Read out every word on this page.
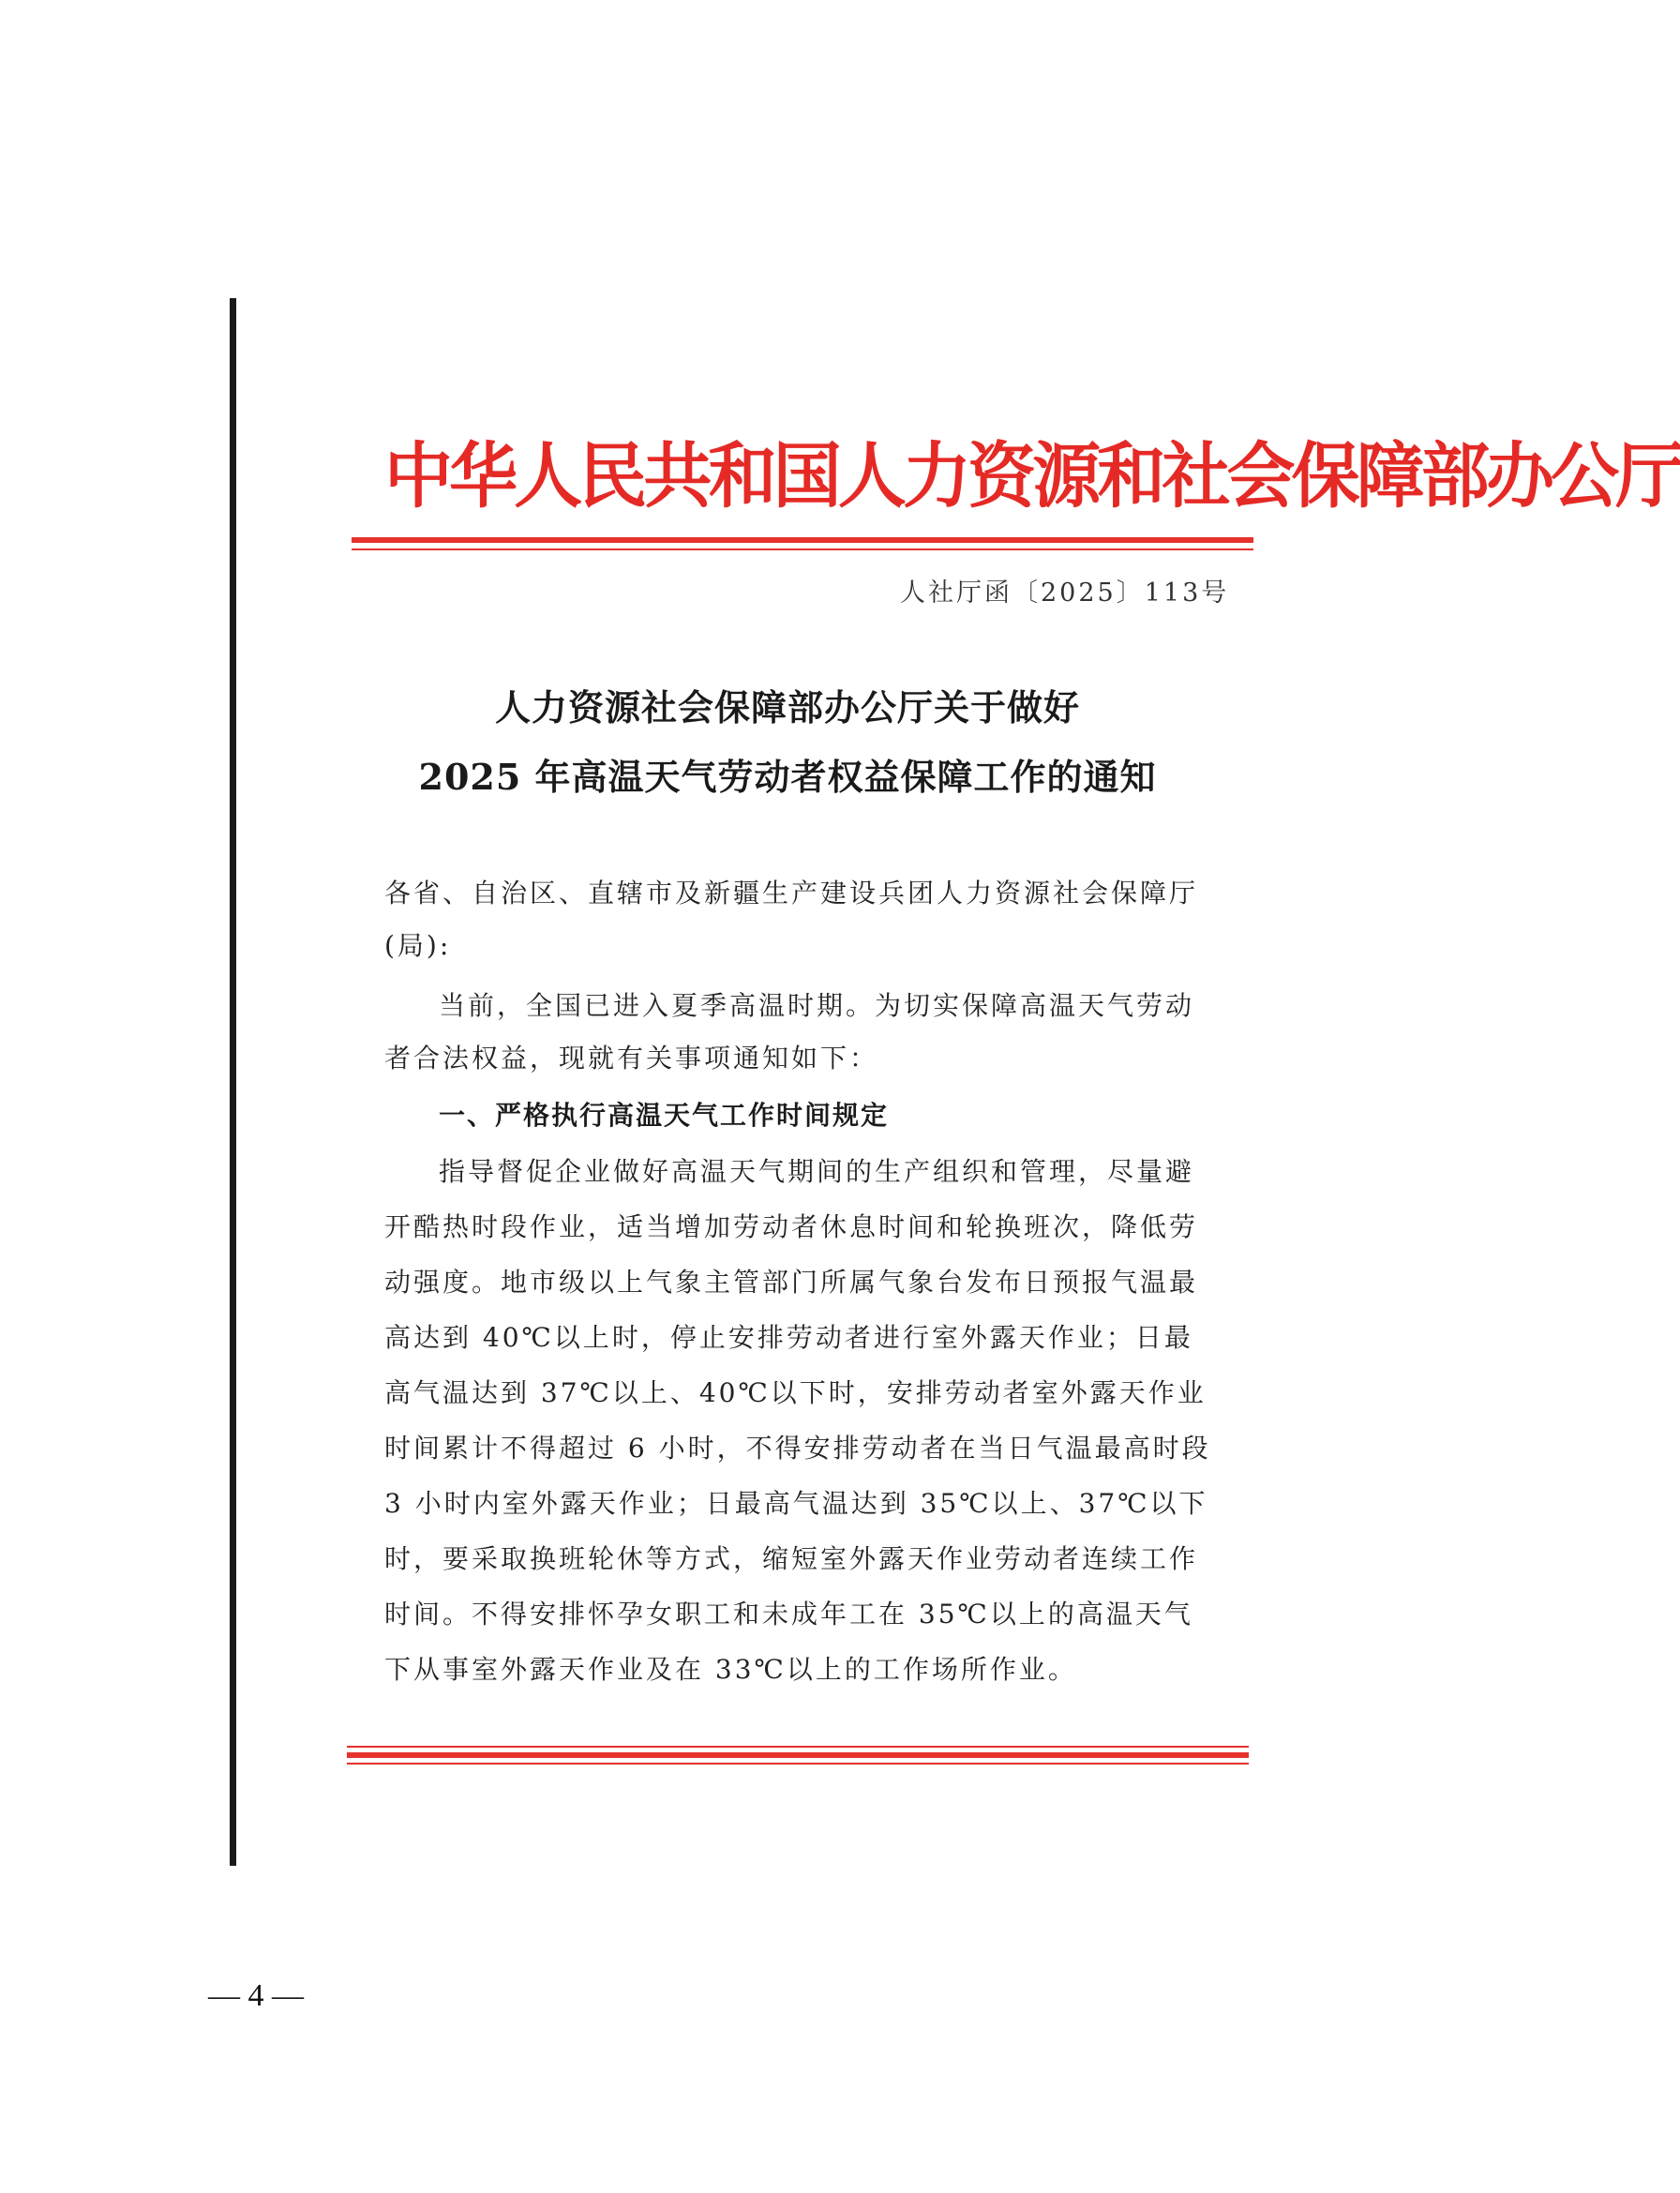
中华人民共和国人力资源和社会保障部办公厅
人社厅函〔2025〕113号
人力资源社会保障部办公厅关于做好
2025 年高温天气劳动者权益保障工作的通知
各省、自治区、直辖市及新疆生产建设兵团人力资源社会保障厅
(局):
当前，全国已进入夏季高温时期。为切实保障高温天气劳动
者合法权益，现就有关事项通知如下：
一、严格执行高温天气工作时间规定
指导督促企业做好高温天气期间的生产组织和管理，尽量避
开酷热时段作业，适当增加劳动者休息时间和轮换班次，降低劳
动强度。地市级以上气象主管部门所属气象台发布日预报气温最
高达到 40℃以上时，停止安排劳动者进行室外露天作业；日最
高气温达到 37℃以上、40℃以下时，安排劳动者室外露天作业
时间累计不得超过 6 小时，不得安排劳动者在当日气温最高时段
3 小时内室外露天作业；日最高气温达到 35℃以上、37℃以下
时，要采取换班轮休等方式，缩短室外露天作业劳动者连续工作
时间。不得安排怀孕女职工和未成年工在 35℃以上的高温天气
下从事室外露天作业及在 33℃以上的工作场所作业。
— 4 —
